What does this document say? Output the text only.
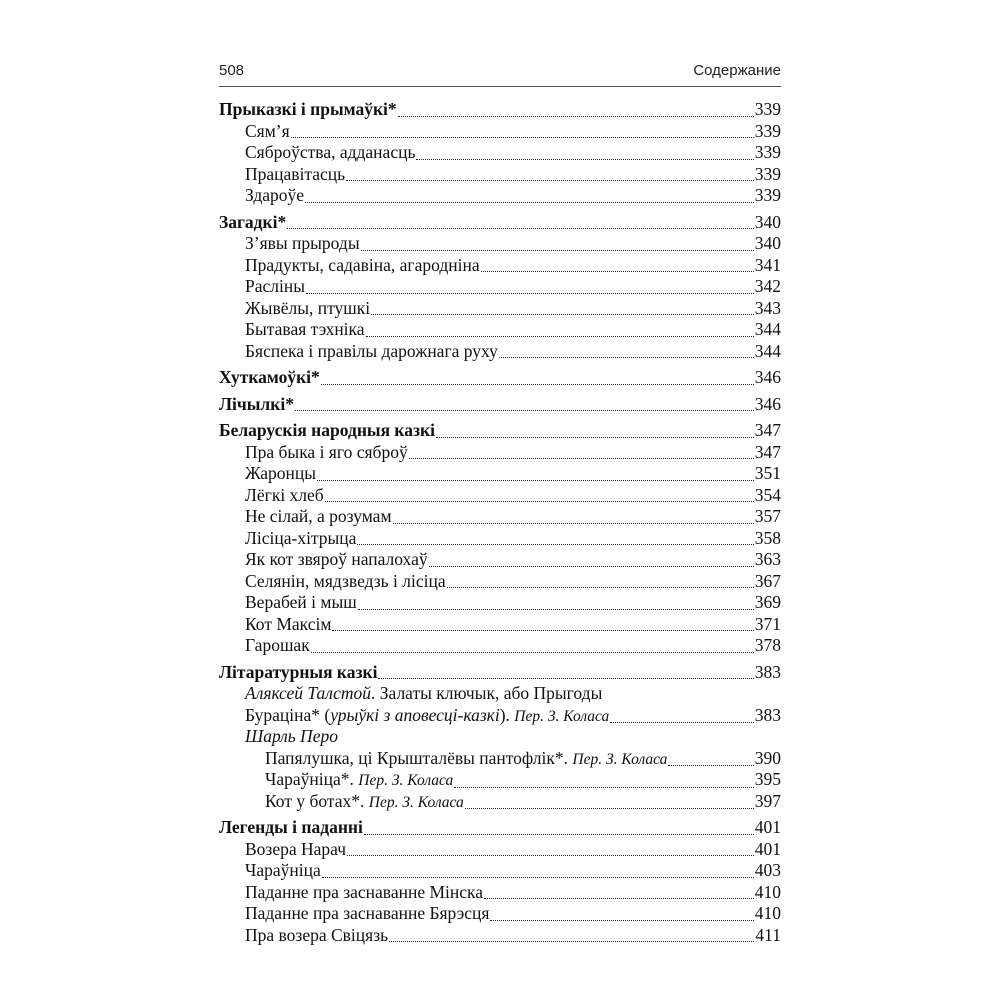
508	Содержание
Прыказкі і прымаўкі*	339
Сям’я	339
Сяброўства, адданасць	339
Працавітасць	339
Здароўе	339
Загадкі*	340
З’явы прыроды	340
Прадукты, садавіна, агароднiна	341
Расліны	342
Жывёлы, птушкі	343
Бытавая тэхніка	344
Бяспека і правілы дарожнага руху	344
Хуткамоўкі*	346
Лічылкі*	346
Беларускія народныя казкі	347
Пра быка і яго сяброў	347
Жаронцы	351
Лёгкі хлеб	354
Не сілай, а розумам	357
Лісіца-хітрыца	358
Як кот звяроў напалохаў	363
Селянін, мядзведзь і лісіца	367
Верабей і мыш	369
Кот Максім	371
Гарошак	378
Літаратурныя казкі	383
Аляксей Талстой. Залаты ключык, або Прыгоды
Бураціна* (урыўкі з аповесці-казкі). Пер. З. Коласа	383
Шарль Перо
Папялушка, ці Крышталёвы пантофлік*. Пер. З. Коласа	390
Чараўніца*. Пер. З. Коласа	395
Кот у ботах*. Пер. З. Коласа	397
Легенды і паданні	401
Возера Нарач	401
Чараўніца	403
Паданне пра заснаванне Мінска	410
Паданне пра заснаванне Бярэсця	410
Пра возера Свіцязь	411
